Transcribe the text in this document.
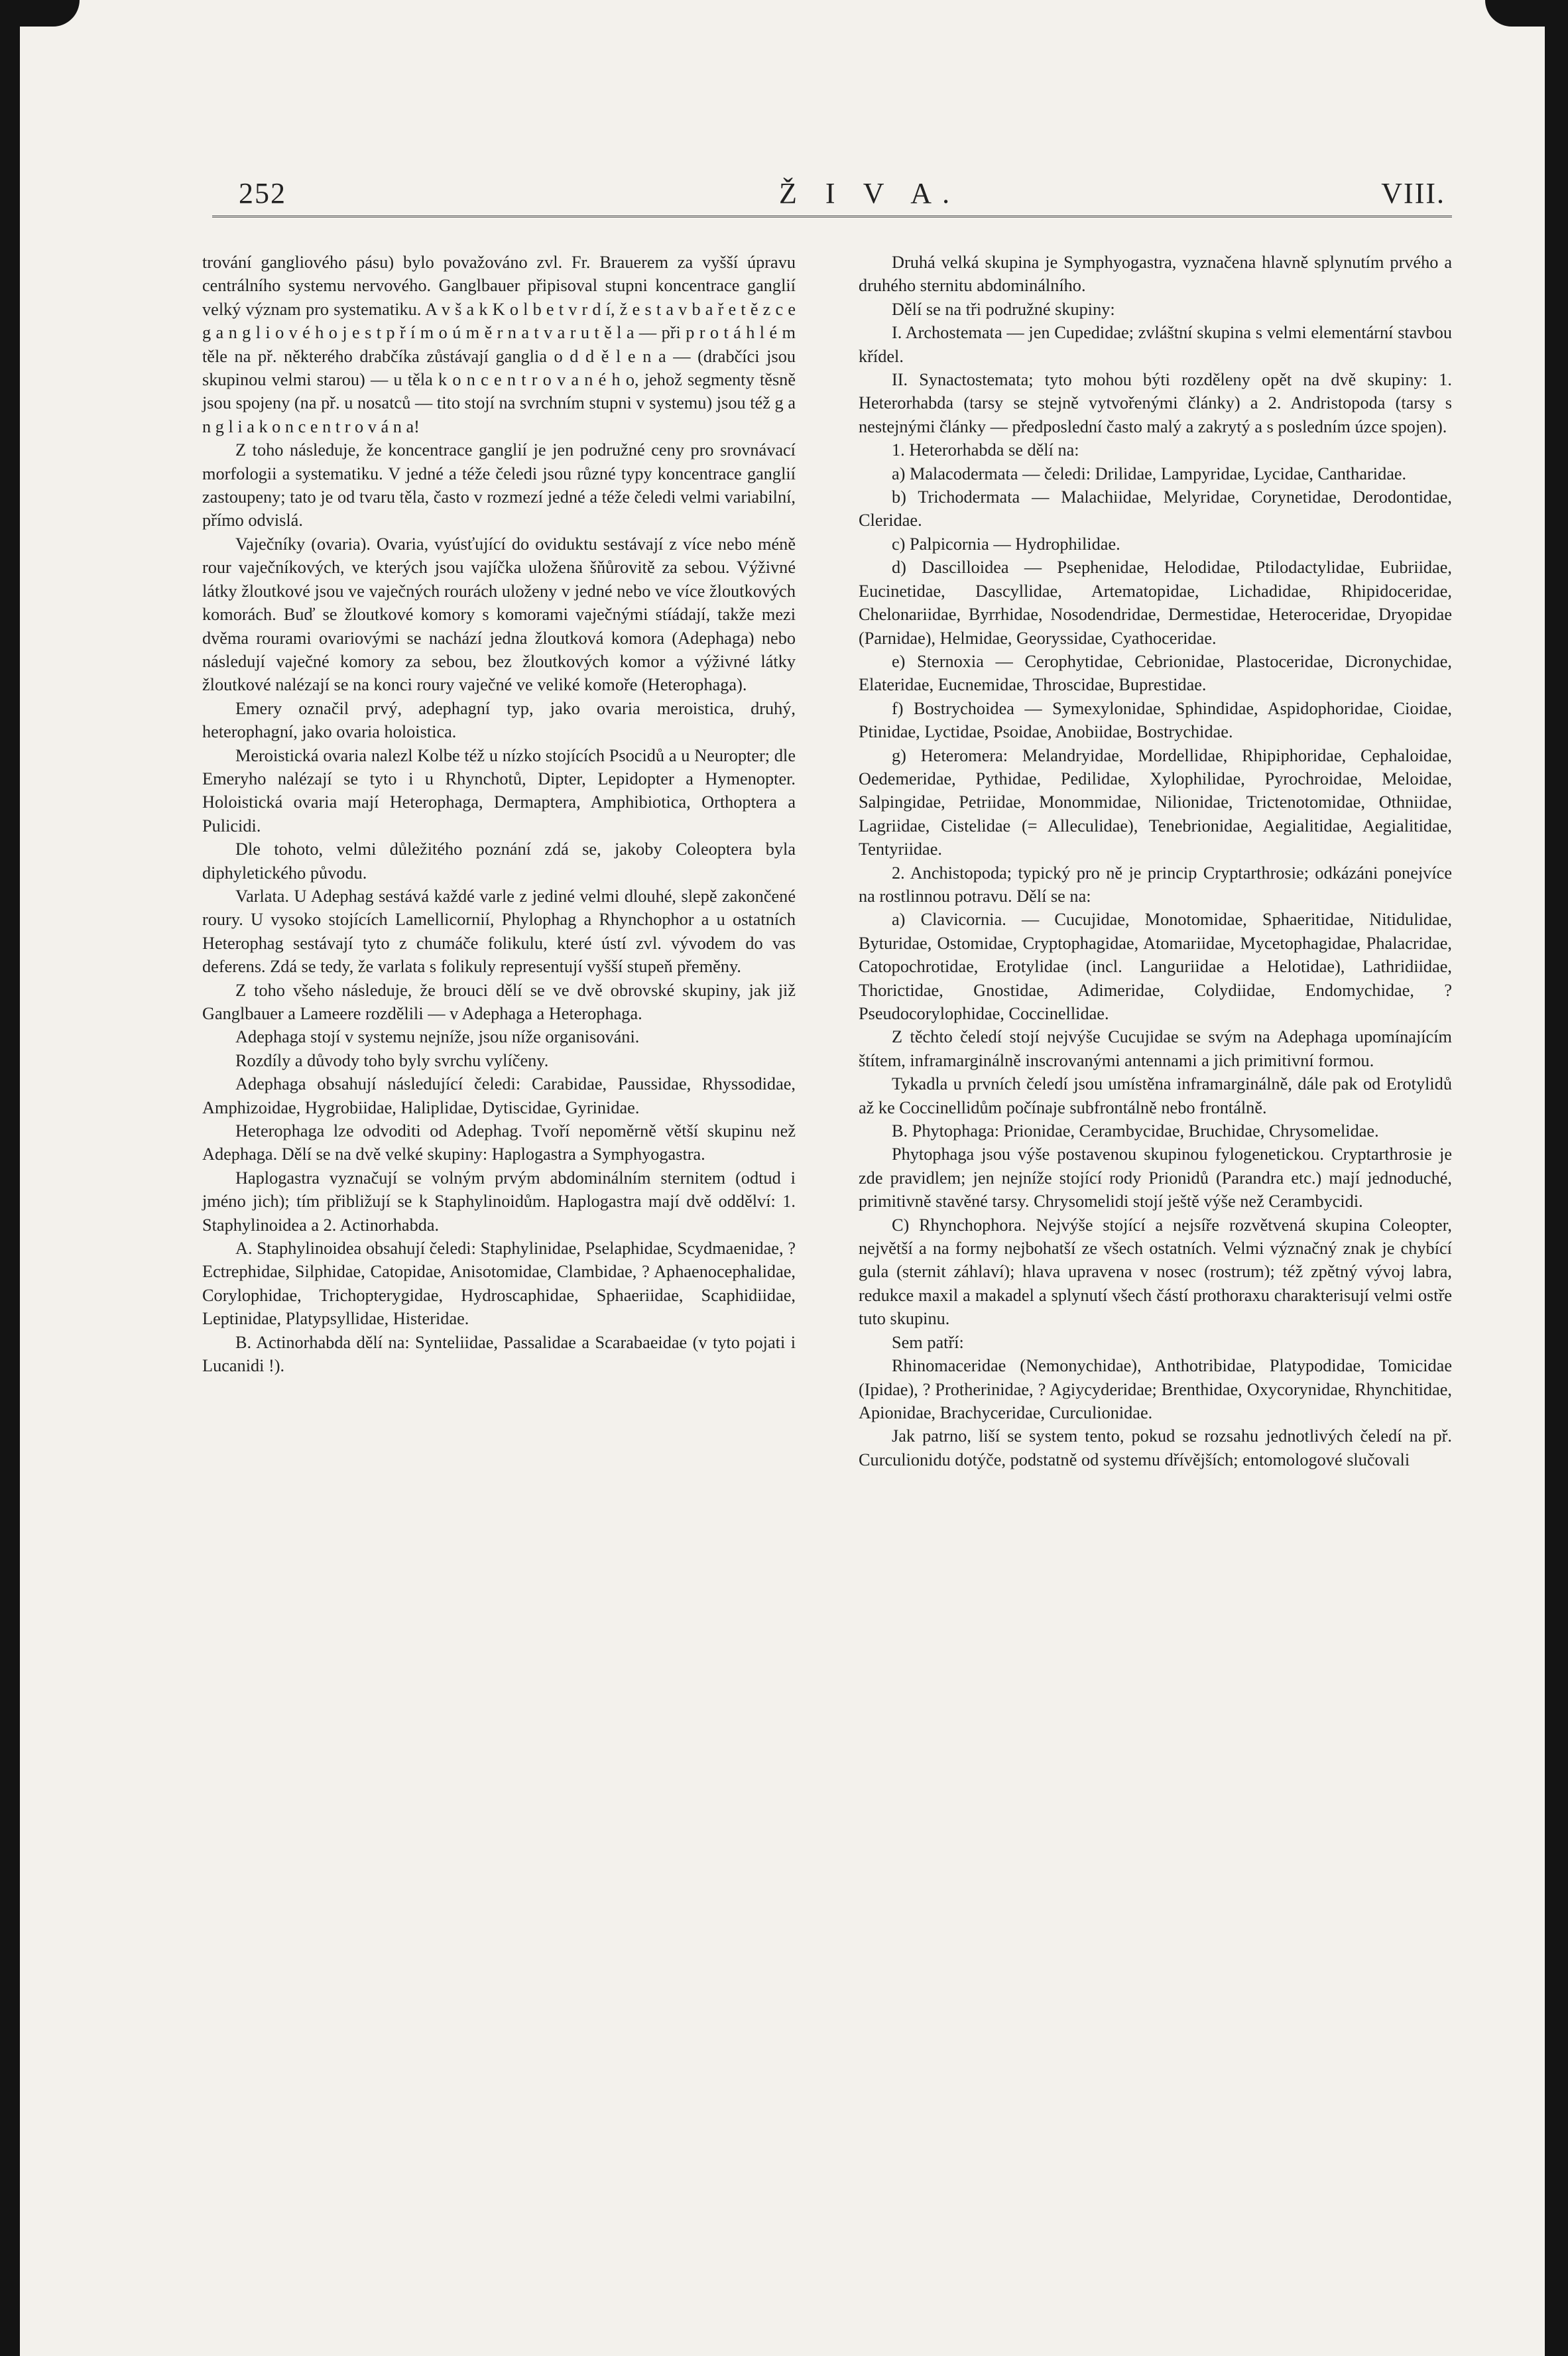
252	Ž I V A.	VIII.

trování gangliového pásu) bylo považováno zvl. Fr. Brauerem za vyšší úpravu centrálního systemu nervového. Ganglbauer připisoval stupni koncentrace ganglií velký význam pro systematiku. A v š a k K o l b e t v r d í, ž e s t a v b a ř e t ě z c e g a n g l i o v é h o j e s t p ř í m o ú m ě r n a t v a r u t ě l a — při p r o t á h l é m těle na př. některého drabčíka zůstávají ganglia o d d ě l e n a — (drabčíci jsou skupinou velmi starou) — u těla k o n c e n t r o v a n é h o, jehož segmenty těsně jsou spojeny (na př. u nosatců — tito stojí na svrchním stupni v systemu) jsou též g a n g l i a k o n c e n t r o v á n a!

Z toho následuje, že koncentrace ganglií je jen podružné ceny pro srovnávací morfologii a systematiku. V jedné a téže čeledi jsou různé typy koncentrace ganglií zastoupeny; tato je od tvaru těla, často v rozmezí jedné a téže čeledi velmi variabilní, přímo odvislá.

Vaječníky (ovaria). Ovaria, vyúsťující do oviduktu sestávají z více nebo méně rour vaječníkových, ve kterých jsou vajíčka uložena šňůrovitě za sebou. Výživné látky žloutkové jsou ve vaječných rourách uloženy v jedné nebo ve více žloutkových komorách. Buď se žloutkové komory s komorami vaječnými stíádají, takže mezi dvěma rourami ovariovými se nachází jedna žloutková komora (Adephaga) nebo následují vaječné komory za sebou, bez žloutkových komor a výživné látky žloutkové nalézají se na konci roury vaječné ve veliké komoře (Heterophaga).

Emery označil prvý, adephagní typ, jako ovaria meroistica, druhý, heterophagní, jako ovaria holoistica.

Meroistická ovaria nalezl Kolbe též u nízko stojících Psocidů a u Neuropter; dle Emeryho nalézají se tyto i u Rhynchotů, Dipter, Lepidopter a Hymenopter. Holoistická ovaria mají Heterophaga, Dermaptera, Amphibiotica, Orthoptera a Pulicidi.

Dle tohoto, velmi důležitého poznání zdá se, jakoby Coleoptera byla diphyletického původu.

Varlata. U Adephag sestává každé varle z jediné velmi dlouhé, slepě zakončené roury. U vysoko stojících Lamellicornií, Phylophag a Rhynchophor a u ostatních Heterophag sestávají tyto z chumáče folikulu, které ústí zvl. vývodem do vas deferens. Zdá se tedy, že varlata s folikuly representují vyšší stupeň přeměny.

Z toho všeho následuje, že brouci dělí se ve dvě obrovské skupiny, jak již Ganglbauer a Lameere rozdělili — v Adephaga a Heterophaga.

Adephaga stojí v systemu nejníže, jsou níže organisováni.

Rozdíly a důvody toho byly svrchu vylíčeny.

Adephaga obsahují následující čeledi: Carabidae, Paussidae, Rhyssodidae, Amphizoidae, Hygrobiidae, Haliplidae, Dytiscidae, Gyrinidae.

Heterophaga lze odvoditi od Adephag. Tvoří nepoměrně větší skupinu než Adephaga. Dělí se na dvě velké skupiny: Haplogastra a Symphyogastra.

Haplogastra vyznačují se volným prvým abdominálním sternitem (odtud i jméno jich); tím přibližují se k Staphylinoidům. Haplogastra mají dvě oddělví: 1. Staphylinoidea a 2. Actinorhabda.

A. Staphylinoidea obsahují čeledi: Staphylinidae, Pselaphidae, Scydmaenidae, ? Ectrephidae, Silphidae, Catopidae, Anisotomidae, Clambidae, ? Aphaenocephalidae, Corylophidae, Trichopterygidae, Hydroscaphidae, Sphaeriidae, Scaphidiidae, Leptinidae, Platypsyllidae, Histeridae.

B. Actinorhabda dělí na: Synteliidae, Passalidae a Scarabaeidae (v tyto pojati i Lucanidi !).

Druhá velká skupina je Symphyogastra, vyznačena hlavně splynutím prvého a druhého sternitu abdominálního.

Dělí se na tři podružné skupiny:

I. Archostemata — jen Cupedidae; zvláštní skupina s velmi elementární stavbou křídel.

II. Synactostemata; tyto mohou býti rozděleny opět na dvě skupiny: 1. Heterorhabda (tarsy se stejně vytvořenými články) a 2. Andristopoda (tarsy s nestejnými články — předposlední často malý a zakrytý a s posledním úzce spojen).

1. Heterorhabda se dělí na:

a) Malacodermata — čeledi: Drilidae, Lampyridae, Lycidae, Cantharidae.

b) Trichodermata — Malachiidae, Melyridae, Corynetidae, Derodontidae, Cleridae.

c) Palpicornia — Hydrophilidae.

d) Dascilloidea — Psephenidae, Helodidae, Ptilodactylidae, Eubriidae, Eucinetidae, Dascyllidae, Artematopidae, Lichadidae, Rhipidoceridae, Chelonariidae, Byrrhidae, Nosodendridae, Dermestidae, Heteroceridae, Dryopidae (Parnidae), Helmidae, Georyssidae, Cyathoceridae.

e) Sternoxia — Cerophytidae, Cebrionidae, Plastoceridae, Dicronychidae, Elateridae, Eucnemidae, Throscidae, Buprestidae.

f) Bostrychoidea — Symexylonidae, Sphindidae, Aspidophoridae, Cioidae, Ptinidae, Lyctidae, Psoidae, Anobiidae, Bostrychidae.

g) Heteromera: Melandryidae, Mordellidae, Rhipiphoridae, Cephaloidae, Oedemeridae, Pythidae, Pedilidae, Xylophilidae, Pyrochroidae, Meloidae, Salpingidae, Petriidae, Monommidae, Nilionidae, Trictenotomidae, Othniidae, Lagriidae, Cistelidae (= Alleculidae), Tenebrionidae, Aegialitidae, Aegialitidae, Tentyriidae.

2. Anchistopoda; typický pro ně je princip Cryptarthrosie; odkázáni ponejvíce na rostlinnou potravu. Dělí se na:

a) Clavicornia. — Cucujidae, Monotomidae, Sphaeritidae, Nitidulidae, Byturidae, Ostomidae, Cryptophagidae, Atomariidae, Mycetophagidae, Phalacridae, Catopochrotidae, Erotylidae (incl. Languriidae a Helotidae), Lathridiidae, Thorictidae, Gnostidae, Adimeridae, Colydiidae, Endomychidae, ? Pseudocorylophidae, Coccinellidae.

Z těchto čeledí stojí nejvýše Cucujidae se svým na Adephaga upomínajícím štítem, inframarginálně inscrovanými antennami a jich primitivní formou.

Tykadla u prvních čeledí jsou umístěna inframarginálně, dále pak od Erotylidů až ke Coccinellidům počínaje subfrontálně nebo frontálně.

B. Phytophaga: Prionidae, Cerambycidae, Bruchidae, Chrysomelidae.

Phytophaga jsou výše postavenou skupinou fylogenetickou. Cryptarthrosie je zde pravidlem; jen nejníže stojící rody Prionidů (Parandra etc.) mají jednoduché, primitivně stavěné tarsy. Chrysomelidi stojí ještě výše než Cerambycidi.

C) Rhynchophora. Nejvýše stojící a nejsíře rozvětvená skupina Coleopter, největší a na formy nejbohatší ze všech ostatních. Velmi význačný znak je chybící gula (sternit záhlaví); hlava upravena v nosec (rostrum); též zpětný vývoj labra, redukce maxil a makadel a splynutí všech částí prothoraxu charakterisují velmi ostře tuto skupinu.

Sem patří:

Rhinomaceridae (Nemonychidae), Anthotribidae, Platypodidae, Tomicidae (Ipidae), ? Protherinidae, ? Agiycyderidae; Brenthidae, Oxycorynidae, Rhynchitidae, Apionidae, Brachyceridae, Curculionidae.

Jak patrno, liší se system tento, pokud se rozsahu jednotlivých čeledí na př. Curculionidu dotýče, podstatně od systemu dřívějších; entomologové slučovali
